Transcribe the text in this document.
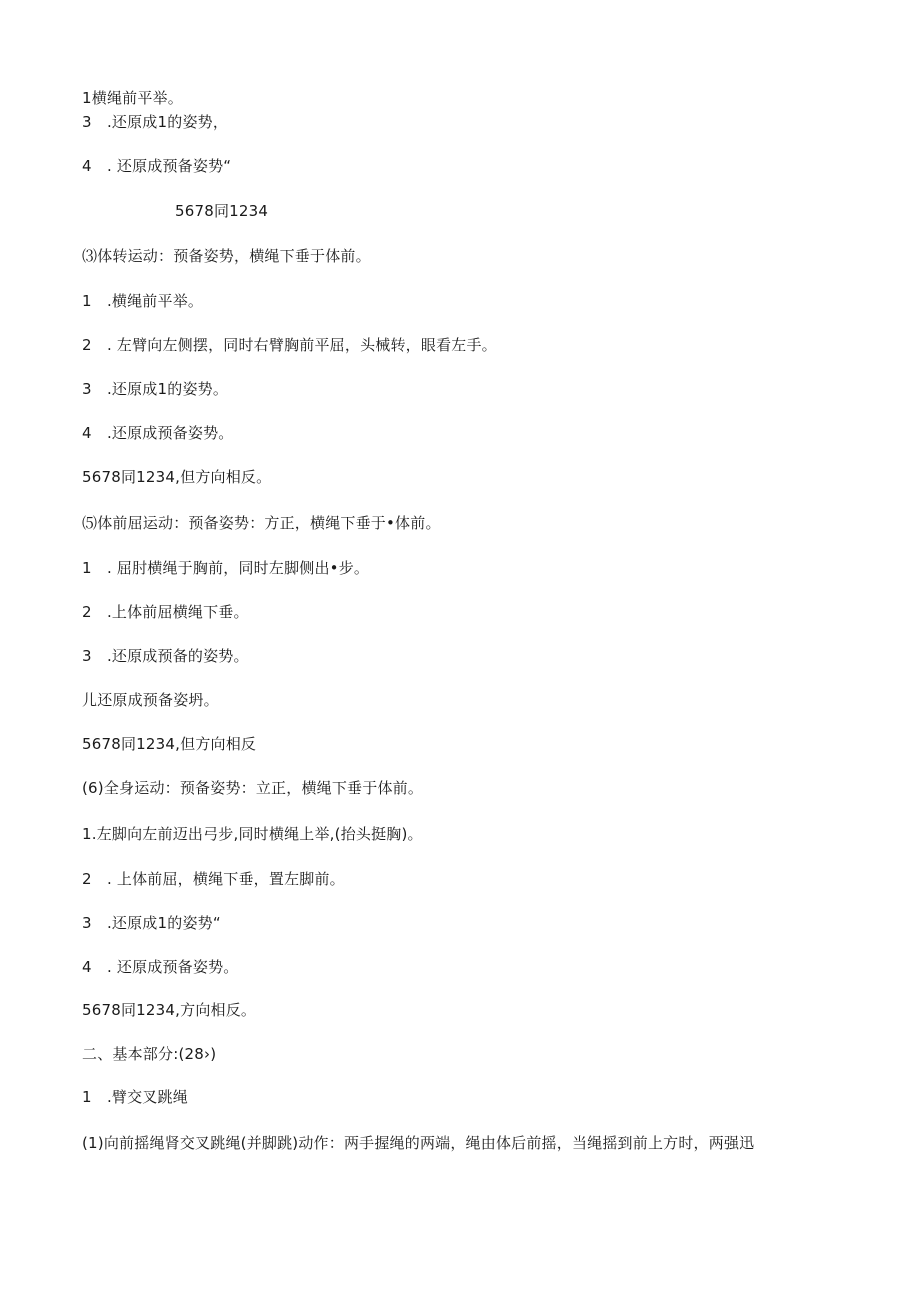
1横绳前平举。
3　.还原成1的姿势，
4　. 还原成预备姿势“
5678同1234
⑶体转运动：预备姿势，横绳下垂于体前。
1　.横绳前平举。
2　. 左臂向左侧摆，同时右臂胸前平屈，头械转，眼看左手。
3　.还原成1的姿势。
4　.还原成预备姿势。
5678同1234,但方向相反。
⑸体前屈运动：预备姿势：方正，横绳下垂于•体前。
1　. 屈肘横绳于胸前，同时左脚侧出•步。
2　.上体前屈横绳下垂。
3　.还原成预备的姿势。
儿还原成预备姿坍。
5678同1234,但方向相反
(6)全身运动：预备姿势：立正，横绳下垂于体前。
1.左脚向左前迈出弓步,同时横绳上举,(抬头挺胸)。
2　. 上体前屈，横绳下垂，置左脚前。
3　.还原成1的姿势“
4　. 还原成预备姿势。
5678同1234,方向相反。
二、基本部分:(28›)
1　.臂交叉跳绳
(1)向前摇绳肾交叉跳绳(并脚跳)动作：两手握绳的两端，绳由体后前摇，当绳摇到前上方时，两强迅
